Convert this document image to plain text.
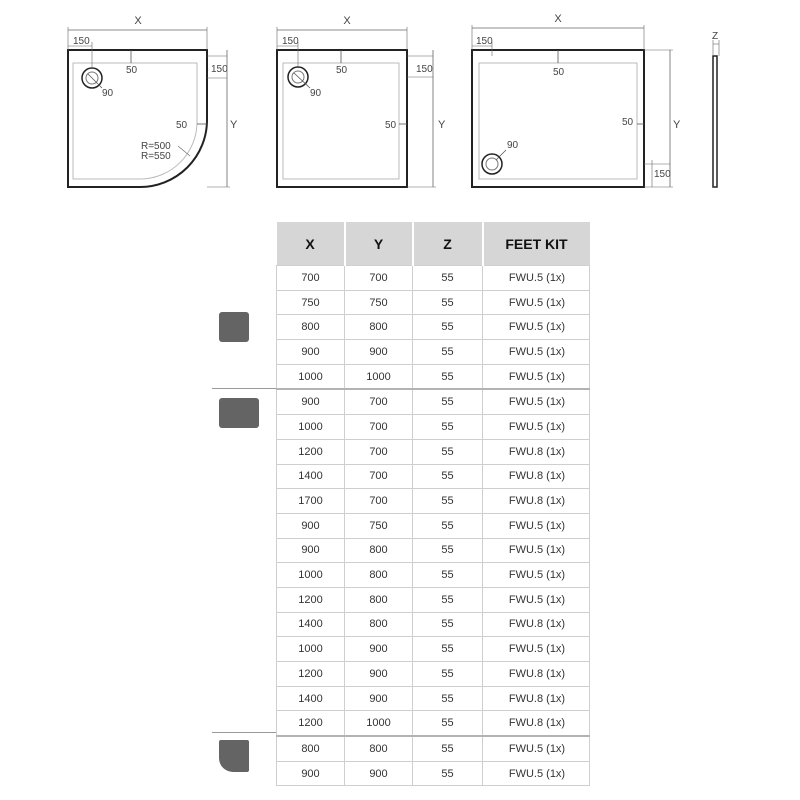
X
150
50	150
90
50	Y
R=500
R=550
X
150
50	150
90
50	Y
X
150
50
90
50	Y
150
Z
X	Y	Z	FEET KIT
700	700	55	FWU.5 (1x)
750	750	55	FWU.5 (1x)
800	800	55	FWU.5 (1x)
900	900	55	FWU.5 (1x)
1000	1000	55	FWU.5 (1x)
900	700	55	FWU.5 (1x)
1000	700	55	FWU.5 (1x)
1200	700	55	FWU.8 (1x)
1400	700	55	FWU.8 (1x)
1700	700	55	FWU.8 (1x)
900	750	55	FWU.5 (1x)
900	800	55	FWU.5 (1x)
1000	800	55	FWU.5 (1x)
1200	800	55	FWU.5 (1x)
1400	800	55	FWU.8 (1x)
1000	900	55	FWU.5 (1x)
1200	900	55	FWU.8 (1x)
1400	900	55	FWU.8 (1x)
1200	1000	55	FWU.8 (1x)
800	800	55	FWU.5 (1x)
900	900	55	FWU.5 (1x)
